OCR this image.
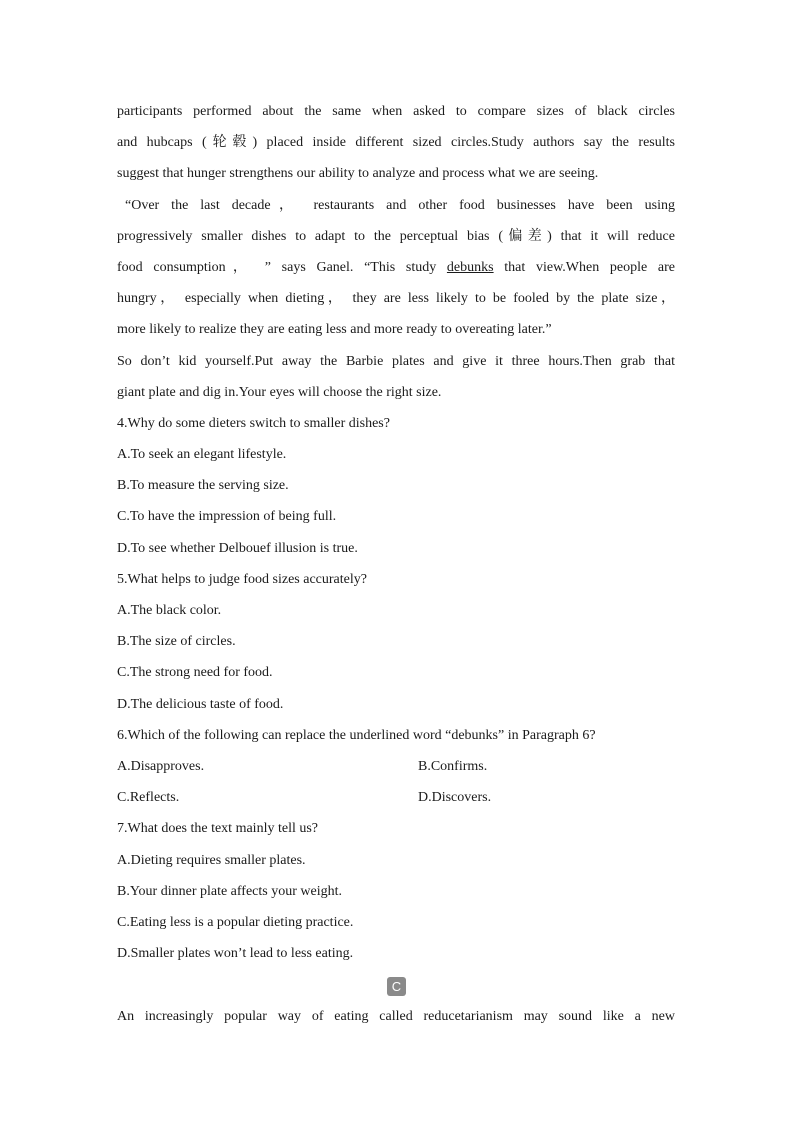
participants performed about the same when asked to compare sizes of black circles
and hubcaps (轮毂) placed inside different sized circles.Study authors say the results
suggest that hunger strengthens our ability to analyze and process what we are seeing.
“Over the last decade， restaurants and other food businesses have been using
progressively smaller dishes to adapt to the perceptual bias (偏差) that it will reduce
food consumption， ” says Ganel. “This study debunks that view.When people are
hungry， especially when dieting， they are less likely to be fooled by the plate size，
more likely to realize they are eating less and more ready to overeating later.”
So don’t kid yourself.Put away the Barbie plates and give it three hours.Then grab that
giant plate and dig in.Your eyes will choose the right size.
4.Why do some dieters switch to smaller dishes?
A.To seek an elegant lifestyle.
B.To measure the serving size.
C.To have the impression of being full.
D.To see whether Delbouef illusion is true.
5.What helps to judge food sizes accurately?
A.The black color.
B.The size of circles.
C.The strong need for food.
D.The delicious taste of food.
6.Which of the following can replace the underlined word “debunks” in Paragraph 6?
A.Disapproves.	B.Confirms.
C.Reflects.	D.Discovers.
7.What does the text mainly tell us?
A.Dieting requires smaller plates.
B.Your dinner plate affects your weight.
C.Eating less is a popular dieting practice.
D.Smaller plates won’t lead to less eating.
C
An increasingly popular way of eating called reducetarianism may sound like a new
